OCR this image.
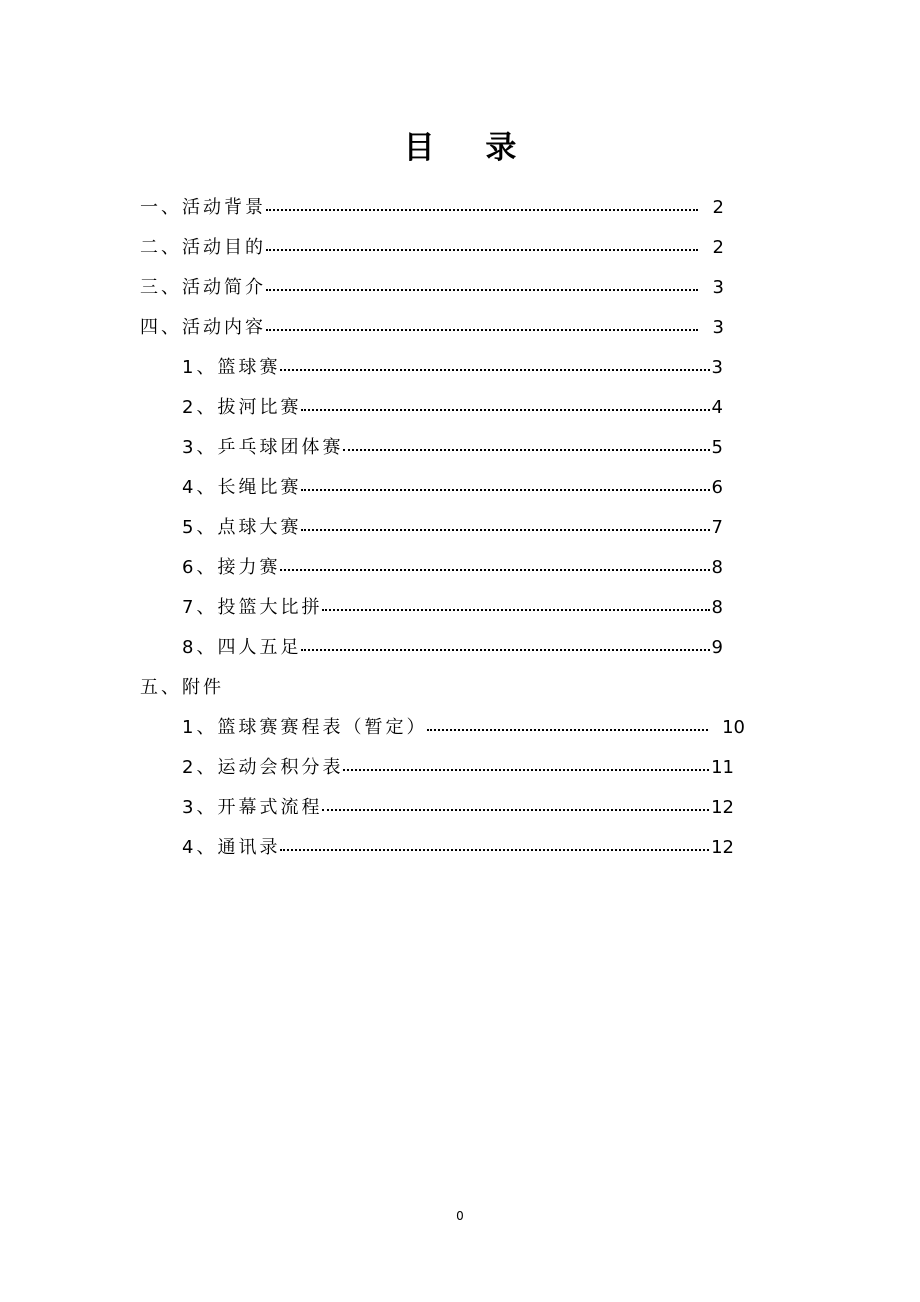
目 录
一、活动背景	2
二、活动目的	2
三、活动简介	3
四、活动内容	3
1、篮球赛	3
2、拔河比赛	4
3、乒乓球团体赛	5
4、长绳比赛	6
5、点球大赛	7
6、接力赛	8
7、投篮大比拼	8
8、四人五足	9
五、附件
1、篮球赛赛程表（暂定）	10
2、运动会积分表	11
3、开幕式流程	12
4、通讯录	12
0
